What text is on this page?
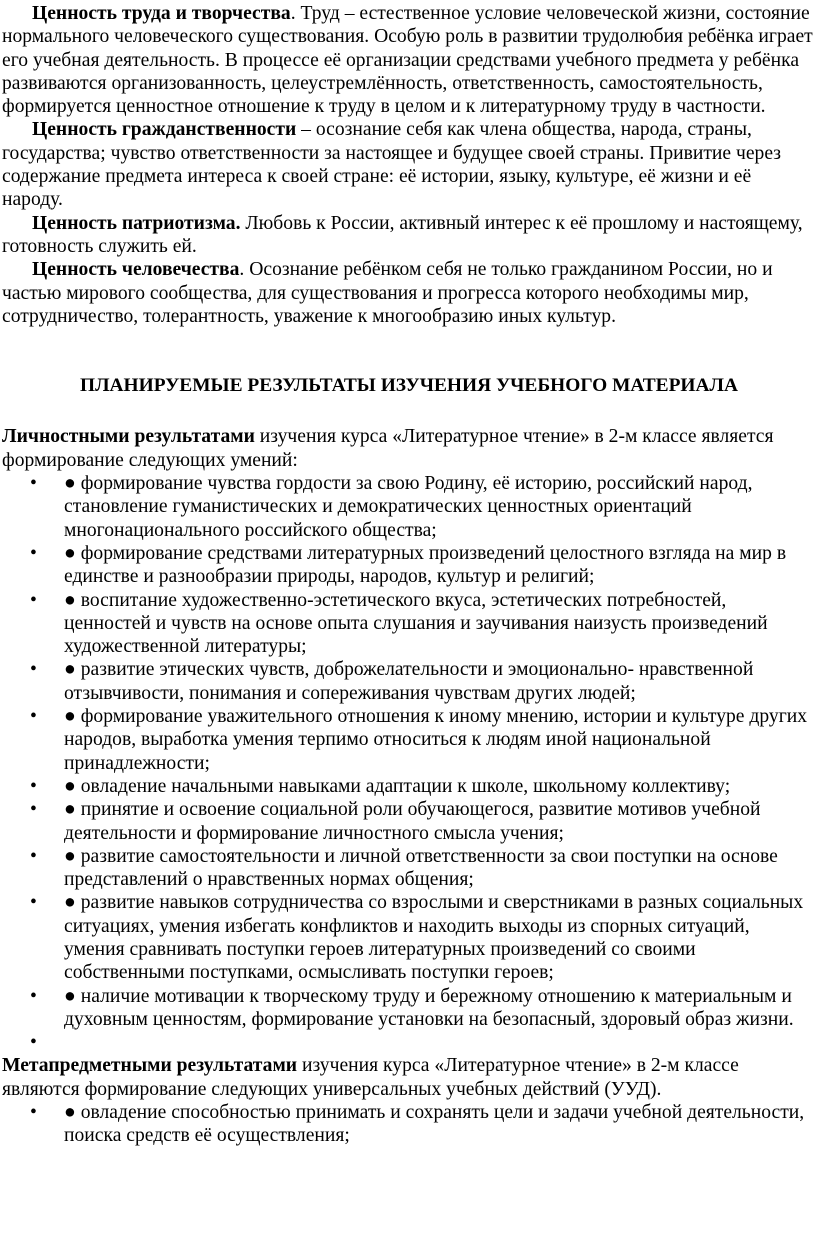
Ценность труда и творчества. Труд – естественное условие человеческой жизни, состояние нормального человеческого существования. Особую роль в развитии трудолюбия ребёнка играет его учебная деятельность. В процессе её организации средствами учебного предмета у ребёнка развиваются организованность, целеустремлённость, ответственность, самостоятельность, формируется ценностное отношение к труду в целом и к литературному труду в частности.

Ценность гражданственности – осознание себя как члена общества, народа, страны, государства; чувство ответственности за настоящее и будущее своей страны. Привитие через содержание предмета интереса к своей стране: её истории, языку, культуре, её жизни и её народу.

Ценность патриотизма. Любовь к России, активный интерес к её прошлому и настоящему, готовность служить ей.

Ценность человечества. Осознание ребёнком себя не только гражданином России, но и частью мирового сообщества, для существования и прогресса которого необходимы мир, сотрудничество, толерантность, уважение к многообразию иных культур.

ПЛАНИРУЕМЫЕ РЕЗУЛЬТАТЫ ИЗУЧЕНИЯ УЧЕБНОГО МАТЕРИАЛА

Личностными результатами изучения курса «Литературное чтение» в 2-м классе является формирование следующих умений:

• ● формирование чувства гордости за свою Родину, её историю, российский народ, становление гуманистических и демократических ценностных ориентаций многонационального российского общества;
• ● формирование средствами литературных произведений целостного взгляда на мир в единстве и разнообразии природы, народов, культур и религий;
• ● воспитание художественно-эстетического вкуса, эстетических потребностей, ценностей и чувств на основе опыта слушания и заучивания наизусть произведений художественной литературы;
• ● развитие этических чувств, доброжелательности и эмоционально- нравственной отзывчивости, понимания и сопереживания чувствам других людей;
• ● формирование уважительного отношения к иному мнению, истории и культуре других народов, выработка умения терпимо относиться к людям иной национальной принадлежности;
• ● овладение начальными навыками адаптации к школе, школьному коллективу;
• ● принятие и освоение социальной роли обучающегося, развитие мотивов учебной деятельности и формирование личностного смысла учения;
• ● развитие самостоятельности и личной ответственности за свои поступки на основе представлений о нравственных нормах общения;
• ● развитие навыков сотрудничества со взрослыми и сверстниками в разных социальных ситуациях, умения избегать конфликтов и находить выходы из спорных ситуаций, умения сравнивать поступки героев литературных произведений со своими собственными поступками, осмысливать поступки героев;
• ● наличие мотивации к творческому труду и бережному отношению к материальным и духовным ценностям, формирование установки на безопасный, здоровый образ жизни.
•

Метапредметными результатами изучения курса «Литературное чтение» в 2-м классе являются формирование следующих универсальных учебных действий (УУД).

• ● овладение способностью принимать и сохранять цели и задачи учебной деятельности, поиска средств её осуществления;
